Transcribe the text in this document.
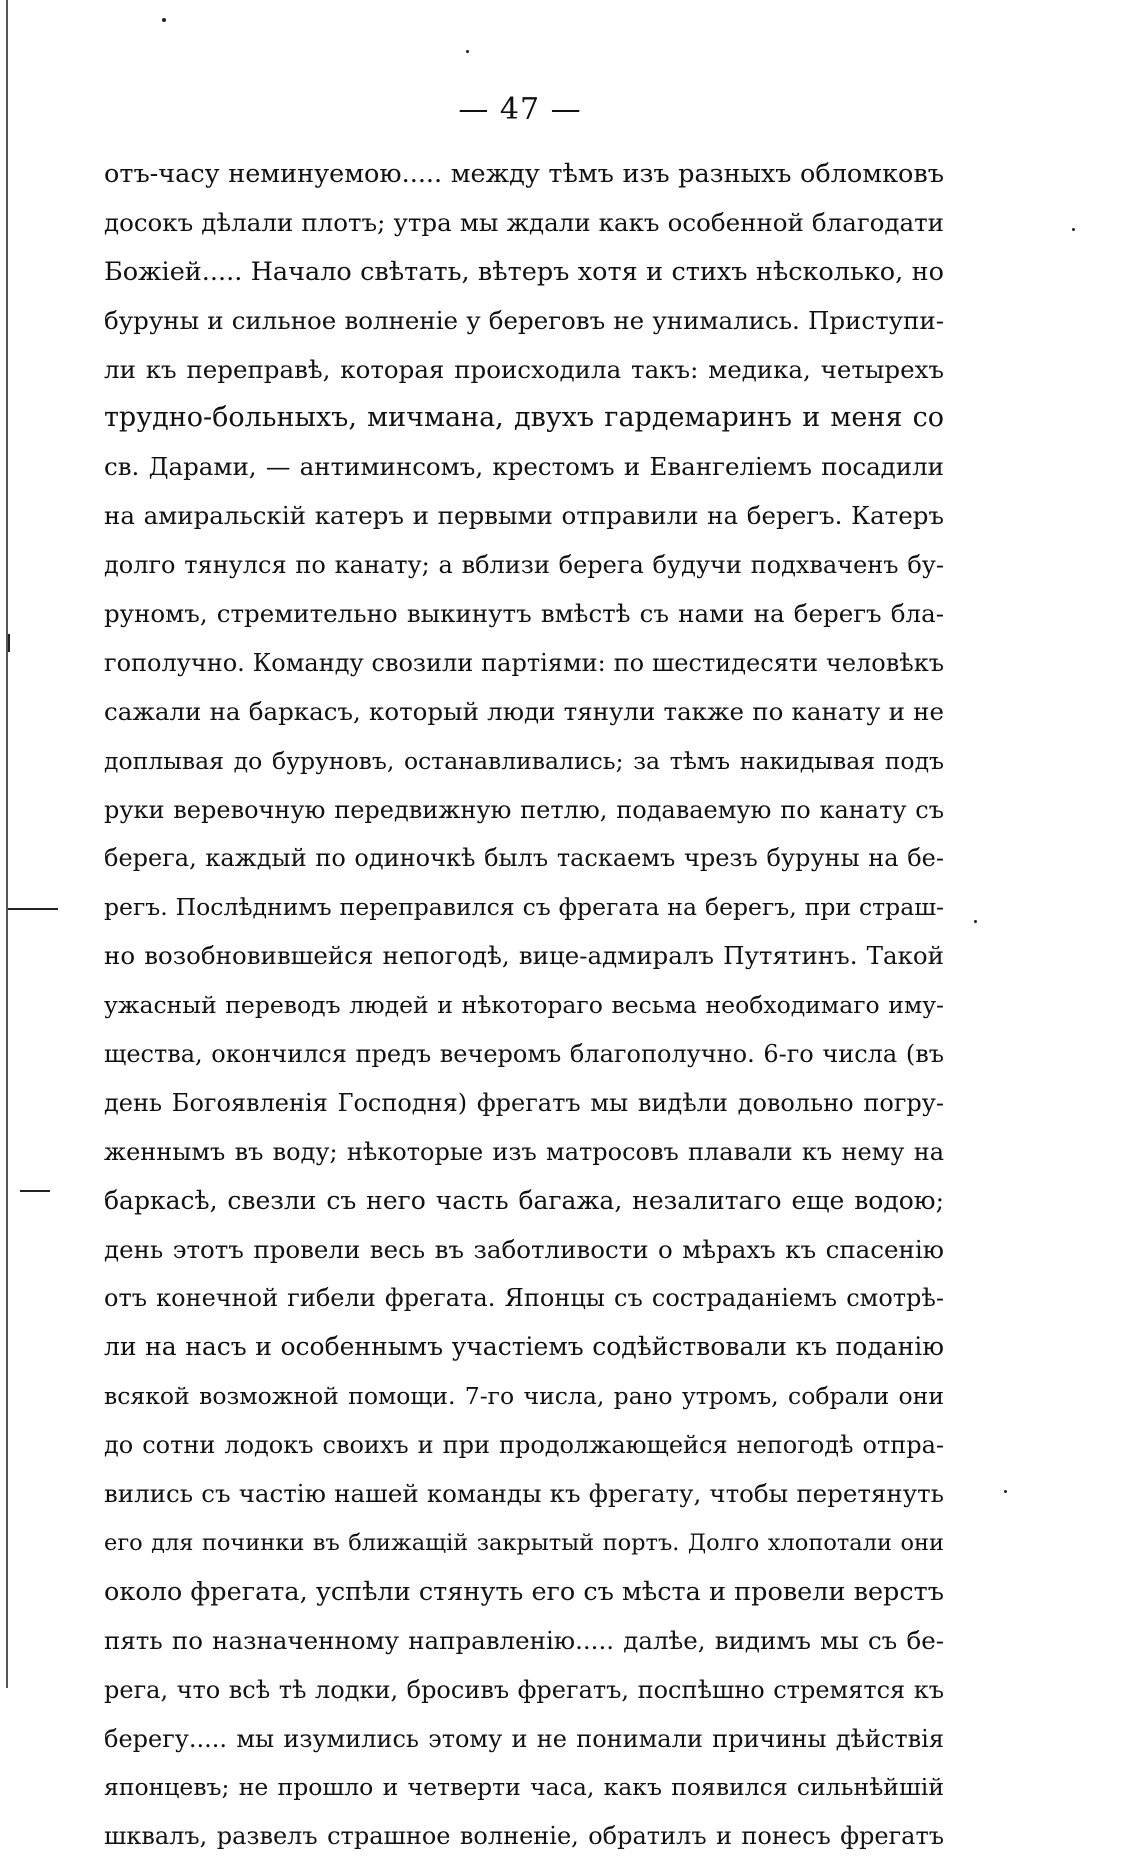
— 47 —
отъ-часу неминуемою..... между тѣмъ изъ разныхъ обломковъ
досокъ дѣлали плотъ; утра мы ждали какъ особенной благодати
Божiей..... Начало свѣтать, вѣтеръ хотя и стихъ нѣсколько, но
буруны и сильное волненiе у береговъ не унимались. Приступи-
ли къ переправѣ, которая происходила такъ: медика, четырехъ
трудно-больныхъ, мичмана, двухъ гардемаринъ и меня со
св. Дарами, — антиминсомъ, крестомъ и Евангелiемъ посадили
на амиральскiй катеръ и первыми отправили на берегъ. Катеръ
долго тянулся по канату; а вблизи берега будучи подхваченъ бу-
руномъ, стремительно выкинутъ вмѣстѣ съ нами на берегъ бла-
гополучно. Команду свозили партiями: по шестидесяти человѣкъ
сажали на баркасъ, который люди тянули также по канату и не
доплывая до буруновъ, останавливались; за тѣмъ накидывая подъ
руки веревочную передвижную петлю, подаваемую по канату съ
берега, каждый по одиночкѣ былъ таскаемъ чрезъ буруны на бе-
регъ. Послѣднимъ переправился съ фрегата на берегъ, при страш-
но возобновившейся непогодѣ, вице-адмиралъ Путятинъ. Такой
ужасный переводъ людей и нѣкотораго весьма необходимаго иму-
щества, окончился предъ вечеромъ благополучно. 6-го числа (въ
день Богоявленiя Господня) фрегатъ мы видѣли довольно погру-
женнымъ въ воду; нѣкоторые изъ матросовъ плавали къ нему на
баркасѣ, свезли съ него часть багажа, незалитаго еще водою;
день этотъ провели весь въ заботливости о мѣрахъ къ спасенiю
отъ конечной гибели фрегата. Японцы съ состраданiемъ смотрѣ-
ли на насъ и особеннымъ участiемъ содѣйствовали къ поданiю
всякой возможной помощи. 7-го числа, рано утромъ, собрали они
до сотни лодокъ своихъ и при продолжающейся непогодѣ отпра-
вились съ частiю нашей команды къ фрегату, чтобы перетянуть
его для починки въ ближащiй закрытый портъ. Долго хлопотали они
около фрегата, успѣли стянуть его съ мѣста и провели верстъ
пять по назначенному направленiю..... далѣе, видимъ мы съ бе-
рега, что всѣ тѣ лодки, бросивъ фрегатъ, поспѣшно стремятся къ
берегу..... мы изумились этому и не понимали причины дѣйствiя
японцевъ; не прошло и четверти часа, какъ появился сильнѣйшiй
шквалъ, развелъ страшное волненiе, обратилъ и понесъ фрегатъ
